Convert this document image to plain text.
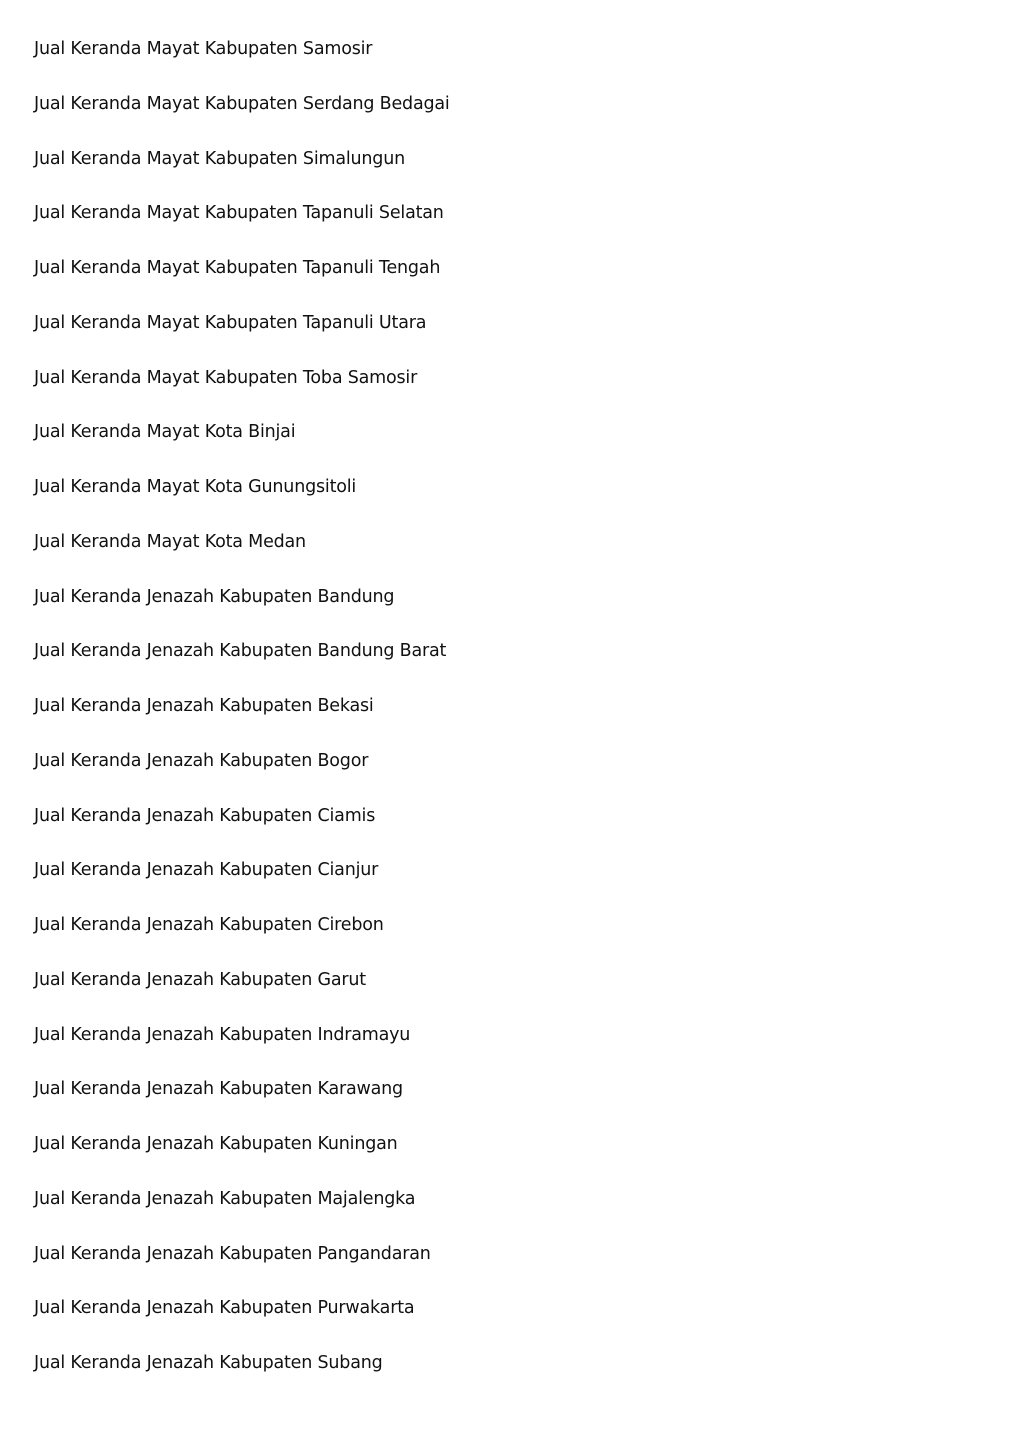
Jual Keranda Mayat Kabupaten Samosir
Jual Keranda Mayat Kabupaten Serdang Bedagai
Jual Keranda Mayat Kabupaten Simalungun
Jual Keranda Mayat Kabupaten Tapanuli Selatan
Jual Keranda Mayat Kabupaten Tapanuli Tengah
Jual Keranda Mayat Kabupaten Tapanuli Utara
Jual Keranda Mayat Kabupaten Toba Samosir
Jual Keranda Mayat Kota Binjai
Jual Keranda Mayat Kota Gunungsitoli
Jual Keranda Mayat Kota Medan
Jual Keranda Jenazah Kabupaten Bandung
Jual Keranda Jenazah Kabupaten Bandung Barat
Jual Keranda Jenazah Kabupaten Bekasi
Jual Keranda Jenazah Kabupaten Bogor
Jual Keranda Jenazah Kabupaten Ciamis
Jual Keranda Jenazah Kabupaten Cianjur
Jual Keranda Jenazah Kabupaten Cirebon
Jual Keranda Jenazah Kabupaten Garut
Jual Keranda Jenazah Kabupaten Indramayu
Jual Keranda Jenazah Kabupaten Karawang
Jual Keranda Jenazah Kabupaten Kuningan
Jual Keranda Jenazah Kabupaten Majalengka
Jual Keranda Jenazah Kabupaten Pangandaran
Jual Keranda Jenazah Kabupaten Purwakarta
Jual Keranda Jenazah Kabupaten Subang
